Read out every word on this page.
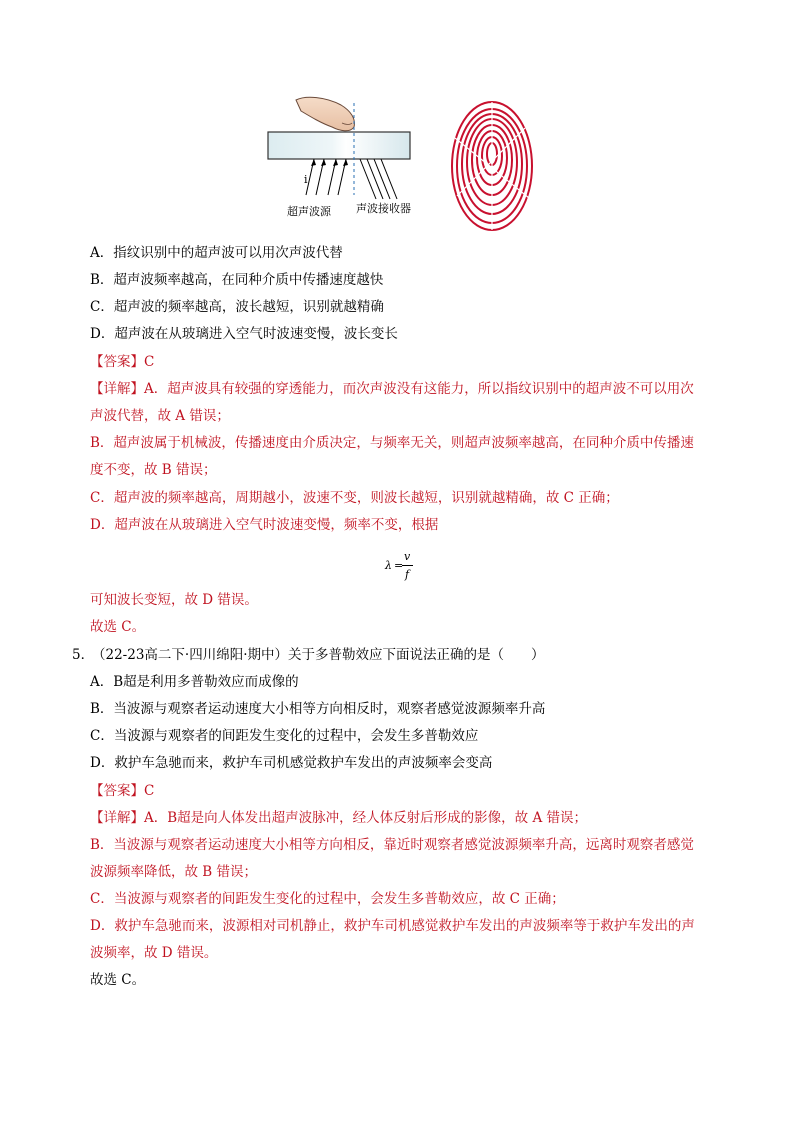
i
超声波源 声波接收器
A．指纹识别中的超声波可以用次声波代替
B．超声波频率越高，在同种介质中传播速度越快
C．超声波的频率越高，波长越短，识别就越精确
D．超声波在从玻璃进入空气时波速变慢，波长变长
【答案】C
【详解】A．超声波具有较强的穿透能力，而次声波没有这能力，所以指纹识别中的超声波不可以用次
声波代替，故 A 错误；
B．超声波属于机械波，传播速度由介质决定，与频率无关，则超声波频率越高，在同种介质中传播速
度不变，故 B 错误；
C．超声波的频率越高，周期越小，波速不变，则波长越短，识别就越精确，故 C 正确；
D．超声波在从玻璃进入空气时波速变慢，频率不变，根据
λ =
v
f
可知波长变短，故 D 错误。
故选 C。
5．
（22-23高二下·四川绵阳·期中）关于多普勒效应下面说法正确的是（　　）
A．B超是利用多普勒效应而成像的
B．当波源与观察者运动速度大小相等方向相反时，观察者感觉波源频率升高
C．当波源与观察者的间距发生变化的过程中，会发生多普勒效应
D．救护车急驰而来，救护车司机感觉救护车发出的声波频率会变高
【答案】C
【详解】A．B超是向人体发出超声波脉冲，经人体反射后形成的影像，故 A 错误；
B．当波源与观察者运动速度大小相等方向相反，靠近时观察者感觉波源频率升高，远离时观察者感觉
波源频率降低，故 B 错误；
C．当波源与观察者的间距发生变化的过程中，会发生多普勒效应，故 C 正确；
D．救护车急驰而来，波源相对司机静止，救护车司机感觉救护车发出的声波频率等于救护车发出的声
波频率，故 D 错误。
故选 C。
